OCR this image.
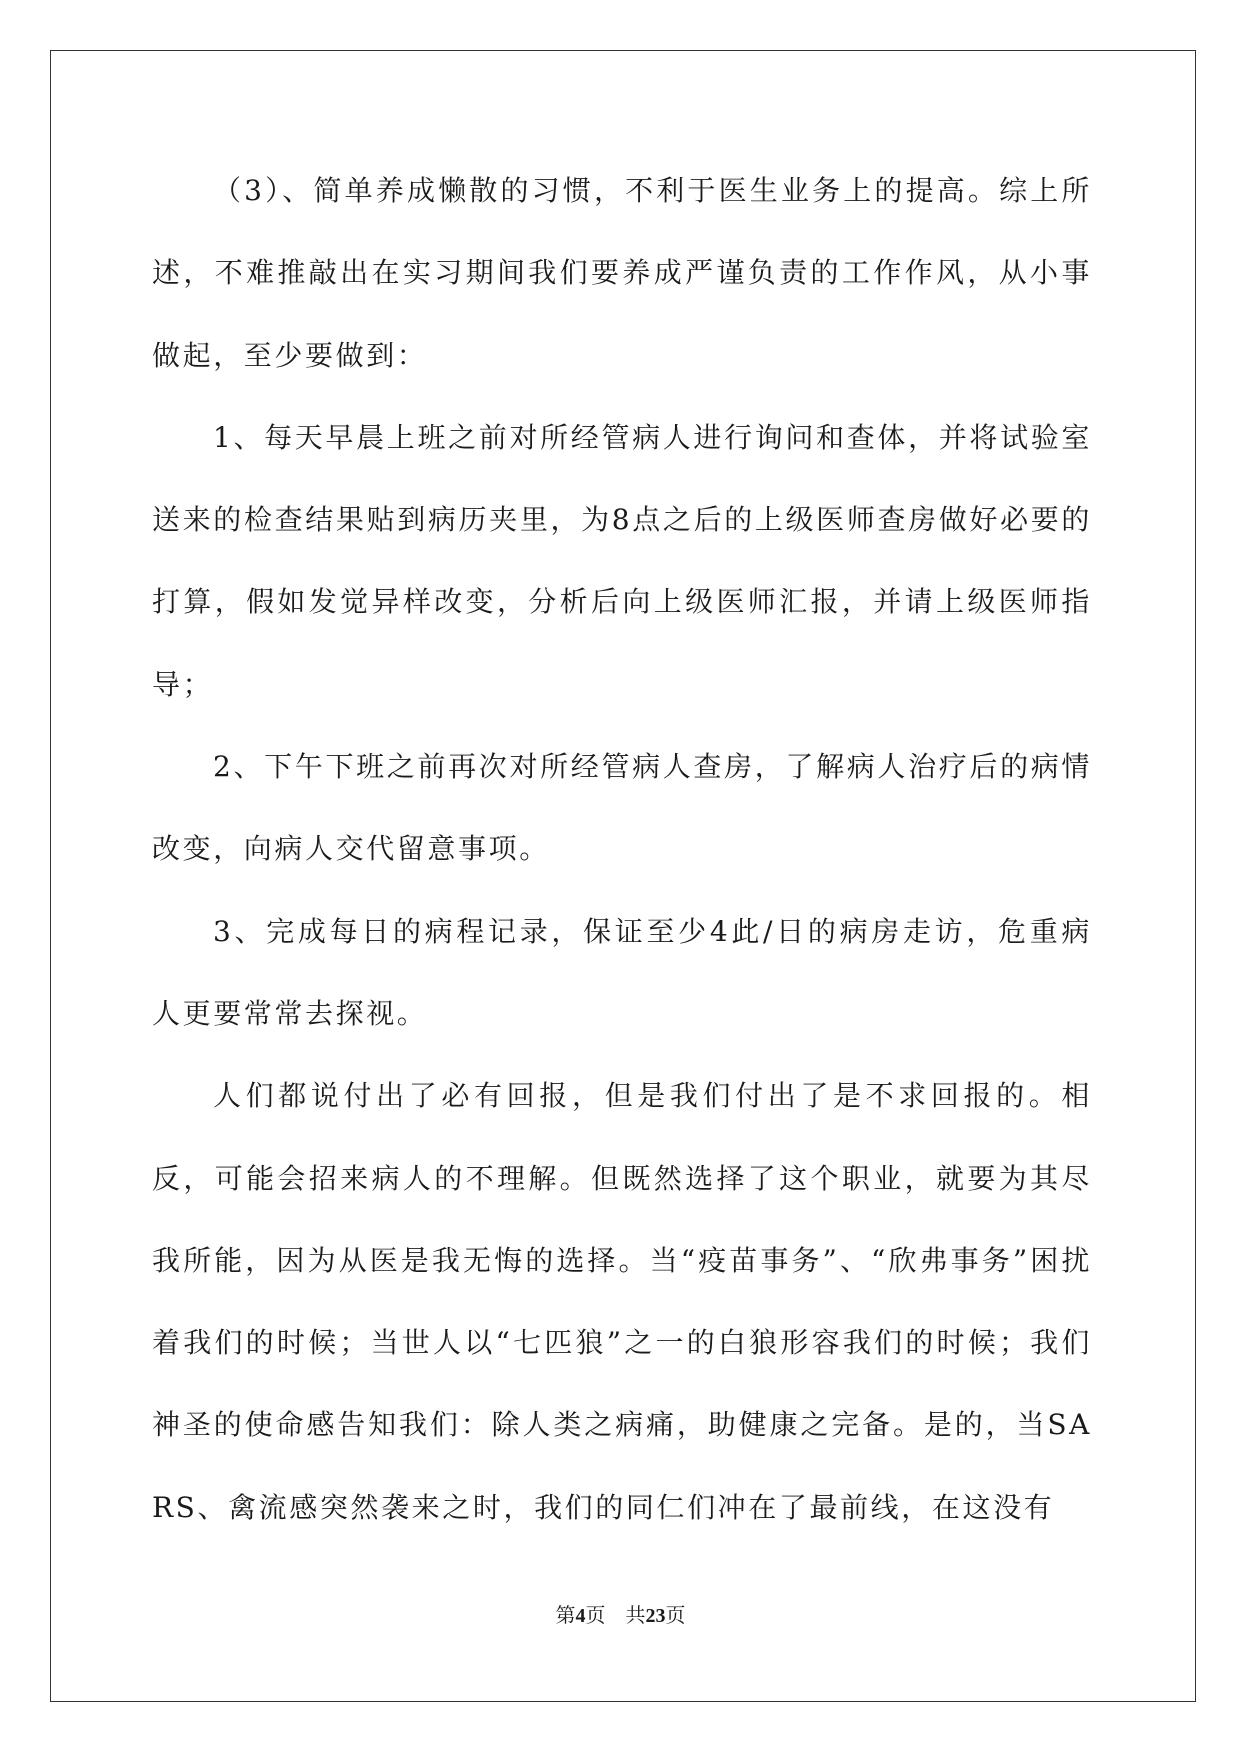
（3）、简单养成懒散的习惯，不利于医生业务上的提高。综上所述，不难推敲出在实习期间我们要养成严谨负责的工作作风，从小事做起，至少要做到：

1、每天早晨上班之前对所经管病人进行询问和查体，并将试验室送来的检查结果贴到病历夹里，为8点之后的上级医师查房做好必要的打算，假如发觉异样改变，分析后向上级医师汇报，并请上级医师指导；

2、下午下班之前再次对所经管病人查房，了解病人治疗后的病情改变，向病人交代留意事项。

3、完成每日的病程记录，保证至少4此/日的病房走访，危重病人更要常常去探视。

人们都说付出了必有回报，但是我们付出了是不求回报的。相反，可能会招来病人的不理解。但既然选择了这个职业，就要为其尽我所能，因为从医是我无悔的选择。当“疫苗事务”、“欣弗事务”困扰着我们的时候；当世人以“七匹狼”之一的白狼形容我们的时候；我们神圣的使命感告知我们：除人类之病痛，助健康之完备。是的，当SARS、禽流感突然袭来之时，我们的同仁们冲在了最前线，在这没有

第4页 共23页
